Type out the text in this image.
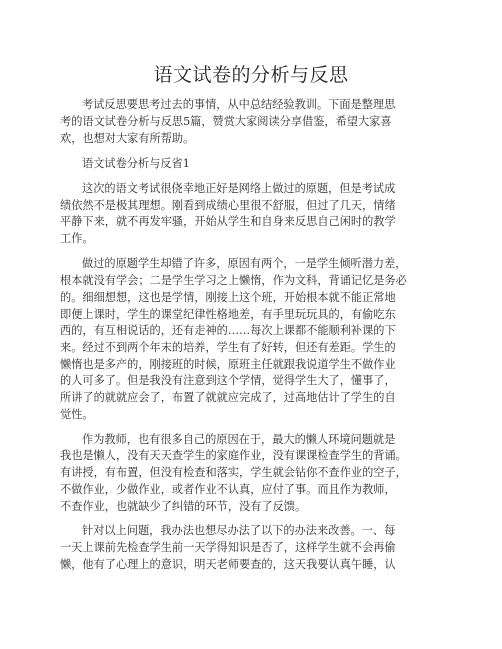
语文试卷的分析与反思
考试反思要思考过去的事情，从中总结经验教训。下面是整理思
考的语文试卷分析与反思5篇，赞赏大家阅读分享借鉴，希望大家喜
欢，也想对大家有所帮助。
语文试卷分析与反省1
这次的语文考试很侥幸地正好是网络上做过的原题，但是考试成
绩依然不是极其理想。刚看到成绩心里很不舒服，但过了几天，情绪
平静下来，就不再发牢骚，开始从学生和自身来反思自己闲时的教学
工作。
做过的原题学生却错了许多，原因有两个，一是学生倾听潜力差，
根本就没有学会；二是学生学习之上懒惰，作为文科，背诵记忆是务必
的。细细想想，这也是学情，刚接上这个班，开始根本就不能正常地
即便上课时，学生的课堂纪律性格地差，有手里玩玩具的，有偷吃东
西的，有互相说话的，还有走神的……每次上课都不能顺利补课的下
来。经过不到两个年末的培养，学生有了好转，但还有差距。学生的
懒惰也是多产的，刚接班的时候，原班主任就跟我说道学生不做作业
的人可多了。但是我没有注意到这个学情，觉得学生大了，懂事了，
所讲了的就就应会了，布置了就就应完成了，过高地估计了学生的自
觉性。
作为教师，也有很多自己的原因在于，最大的懒人环境问题就是
我也是懒人，没有天天查学生的家庭作业，没有课课检查学生的背诵。
有讲授，有布置，但没有检查和落实，学生就会钻你不查作业的空子，
不做作业，少做作业，或者作业不认真，应付了事。而且作为教师，
不查作业，也就缺少了纠错的环节，没有了反馈。
针对以上问题，我办法也想尽办法了以下的办法来改善。一、每
一天上课前先检查学生前一天学得知识是否了，这样学生就不会再偷
懒，他有了心理上的意识，明天老师要查的，这天我要认真午睡，认
